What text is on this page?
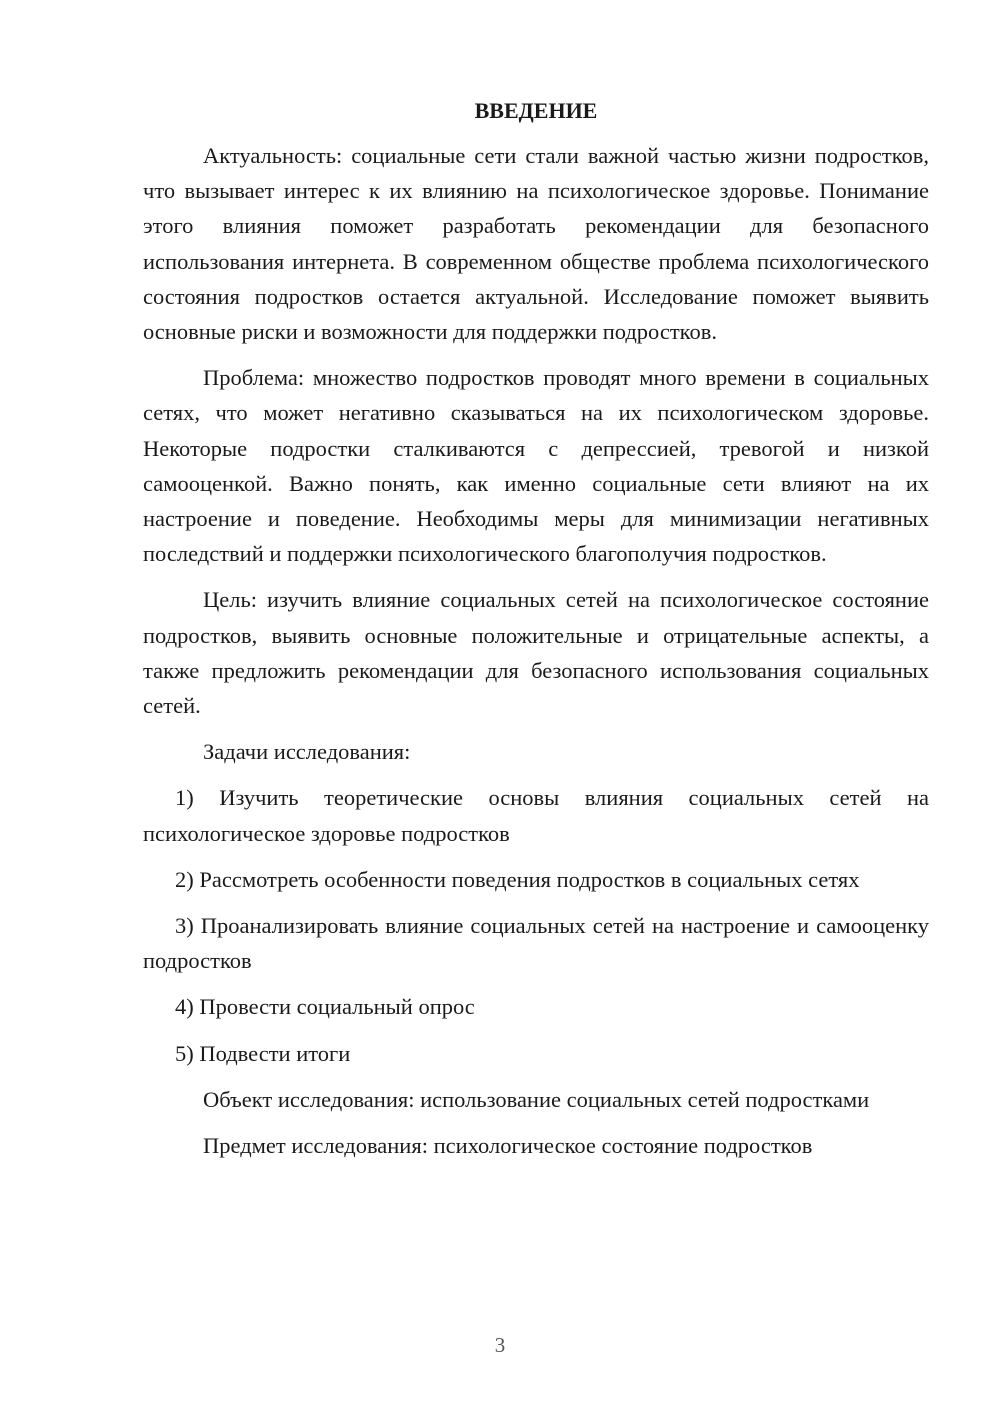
ВВЕДЕНИЕ

Актуальность: социальные сети стали важной частью жизни подростков, что вызывает интерес к их влиянию на психологическое здоровье. Понимание этого влияния поможет разработать рекомендации для безопасного использования интернета. В современном обществе проблема психологического состояния подростков остается актуальной. Исследование поможет выявить основные риски и возможности для поддержки подростков.

Проблема: множество подростков проводят много времени в социальных сетях, что может негативно сказываться на их психологическом здоровье. Некоторые подростки сталкиваются с депрессией, тревогой и низкой самооценкой. Важно понять, как именно социальные сети влияют на их настроение и поведение. Необходимы меры для минимизации негативных последствий и поддержки психологического благополучия подростков.

Цель: изучить влияние социальных сетей на психологическое состояние подростков, выявить основные положительные и отрицательные аспекты, а также предложить рекомендации для безопасного использования социальных сетей.

Задачи исследования:

1) Изучить теоретические основы влияния социальных сетей на психологическое здоровье подростков

2) Рассмотреть особенности поведения подростков в социальных сетях

3) Проанализировать влияние социальных сетей на настроение и самооценку подростков

4) Провести социальный опрос

5) Подвести итоги

Объект исследования: использование социальных сетей подростками

Предмет исследования: психологическое состояние подростков

3
